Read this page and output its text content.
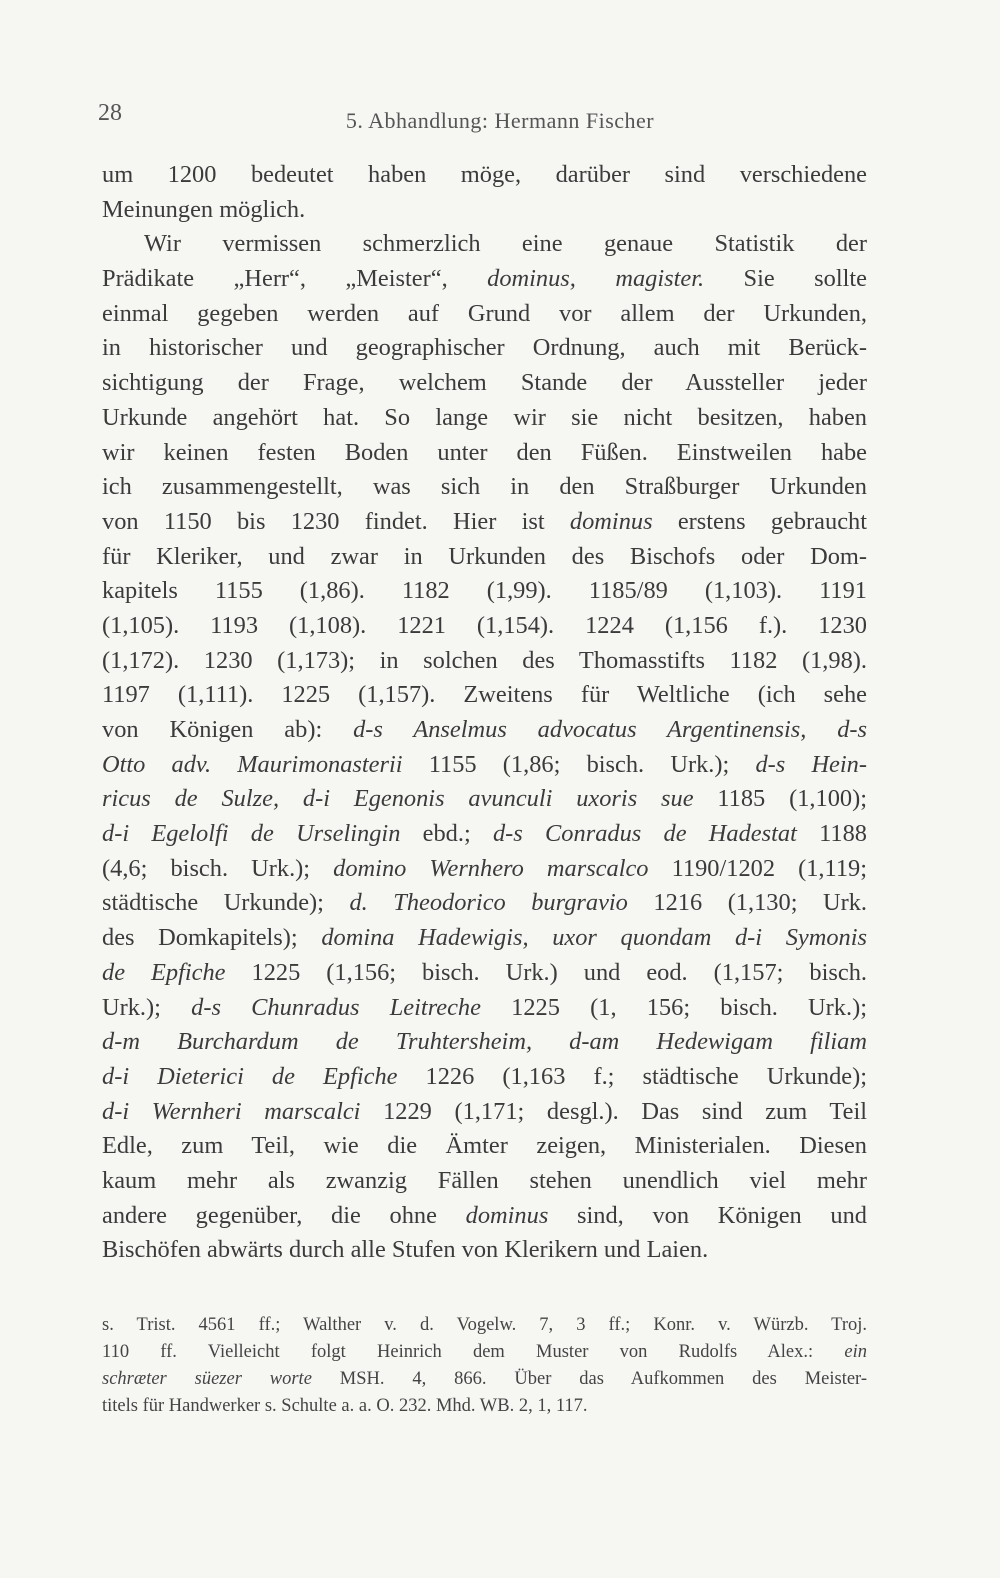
28	5. Abhandlung: Hermann Fischer
um 1200 bedeutet haben möge, darüber sind verschiedene
Meinungen möglich.
Wir vermissen schmerzlich eine genaue Statistik der
Prädikate „Herr“, „Meister“, dominus, magister. Sie sollte
einmal gegeben werden auf Grund vor allem der Urkunden,
in historischer und geographischer Ordnung, auch mit Berück-
sichtigung der Frage, welchem Stande der Aussteller jeder
Urkunde angehört hat. So lange wir sie nicht besitzen, haben
wir keinen festen Boden unter den Füßen. Einstweilen habe
ich zusammengestellt, was sich in den Straßburger Urkunden
von 1150 bis 1230 findet. Hier ist dominus erstens gebraucht
für Kleriker, und zwar in Urkunden des Bischofs oder Dom-
kapitels 1155 (1,86). 1182 (1,99). 1185/89 (1,103). 1191
(1,105). 1193 (1,108). 1221 (1,154). 1224 (1,156 f.). 1230
(1,172). 1230 (1,173); in solchen des Thomasstifts 1182 (1,98).
1197 (1,111). 1225 (1,157). Zweitens für Weltliche (ich sehe
von Königen ab): d-s Anselmus advocatus Argentinensis, d-s
Otto adv. Maurimonasterii 1155 (1,86; bisch. Urk.); d-s Hein-
ricus de Sulze, d-i Egenonis avunculi uxoris sue 1185 (1,100);
d-i Egelolfi de Urselingin ebd.; d-s Conradus de Hadestat 1188
(4,6; bisch. Urk.); domino Wernhero marscalco 1190/1202 (1,119;
städtische Urkunde); d. Theodorico burgravio 1216 (1,130; Urk.
des Domkapitels); domina Hadewigis, uxor quondam d-i Symonis
de Epfiche 1225 (1,156; bisch. Urk.) und eod. (1,157; bisch.
Urk.); d-s Chunradus Leitreche 1225 (1, 156; bisch. Urk.);
d-m Burchardum de Truhtersheim, d-am Hedewigam filiam
d-i Dieterici de Epfiche 1226 (1,163 f.; städtische Urkunde);
d-i Wernheri marscalci 1229 (1,171; desgl.). Das sind zum Teil
Edle, zum Teil, wie die Ämter zeigen, Ministerialen. Diesen
kaum mehr als zwanzig Fällen stehen unendlich viel mehr
andere gegenüber, die ohne dominus sind, von Königen und
Bischöfen abwärts durch alle Stufen von Klerikern und Laien.
s. Trist. 4561 ff.; Walther v. d. Vogelw. 7, 3 ff.; Konr. v. Würzb. Troj.
110 ff. Vielleicht folgt Heinrich dem Muster von Rudolfs Alex.: ein
schræter süezer worte MSH. 4, 866. Über das Aufkommen des Meister-
titels für Handwerker s. Schulte a. a. O. 232. Mhd. WB. 2, 1, 117.
